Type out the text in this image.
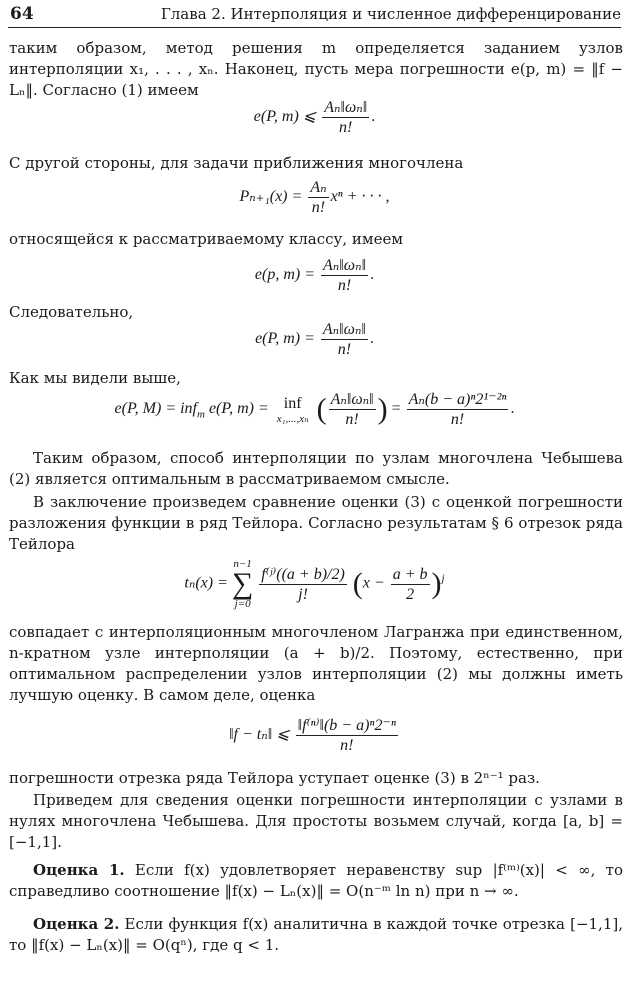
64	Глава 2. Интерполяция и численное дифференцирование
таким образом, метод решения m определяется заданием узлов интерполяции x₁, . . . , xₙ. Наконец, пусть мера погрешности e(p, m) = ‖f − Lₙ‖. Согласно (1) имеем
e(P, m) ⩽ $\frac{\text{Aₙ‖ωₙ‖}}{n!}$ .
С другой стороны, для задачи приближения многочлена
$P_{n+1}(x) = \frac{\text{Aₙ}}{n!}$ xⁿ + · · · ,
относящейся к рассматриваемому классу, имеем
e(p, $m) = \frac{\text{Aₙ‖ωₙ‖}}{n!}$ .
Следовательно,
e(P, $m) = \frac{\text{Aₙ‖ωₙ‖}}{n!}$ .
Как мы видели выше,
e(P, M) = inf$_m$ e(P, m) = inf
x₁,...,xₙ ( $\frac{\text{Aₙ‖ωₙ‖}}{n!}$ ) = $\frac{\text{Aₙ(b − a)ⁿ2¹⁻²ⁿ}}{n!}$ .
Таким образом, способ интерполяции по узлам многочлена Чебышева (2) является оптимальным в рассматриваемом смысле.
В заключение произведем сравнение оценки (3) с оценкой погрешности разложения функции в ряд Тейлора. Согласно результатам § 6 отрезок ряда Тейлора
tₙ(x) =
n−1
∑
j=0

$\frac{\text{f⁽ʲ⁾((a + b)/2)}}{j!} (x - \frac{a + b}{2} )^j$
совпадает с интерполяционным многочленом Лагранжа при единственном, n-кратном узле интерполяции (a + b)/2. Поэтому, естественно, при оптимальном распределении узлов интерполяции (2) мы должны иметь лучшую оценку. В самом деле, оценка
‖f − tₙ‖ ⩽ $\frac{\text{‖f⁽ⁿ⁾‖(b − a)ⁿ2⁻ⁿ}}{n!}$
погрешности отрезка ряда Тейлора уступает оценке (3) в 2ⁿ⁻¹ раз.
Приведем для сведения оценки погрешности интерполяции с узлами в нулях многочлена Чебышева. Для простоты возьмем случай, когда [a, b] = [−1,1].
Оценка 1. Если f(x) удовлетворяет неравенству sup |f⁽ᵐ⁾(x)| < ∞, то справедливо соотношение ‖f(x) − Lₙ(x)‖ = O(n⁻ᵐ ln n) при n → ∞.
Оценка 2. Если функция f(x) аналитична в каждой точке отрезка [−1,1], то ‖f(x) − Lₙ(x)‖ = O(qⁿ), где q < 1.
